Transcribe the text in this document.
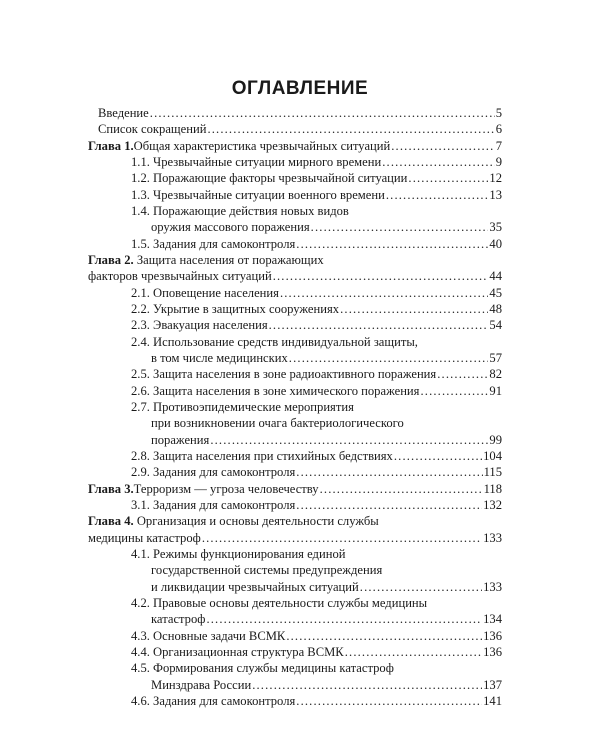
ОГЛАВЛЕНИЕ
Введение . . .	5
Список сокращений . . .	6
Глава 1. Общая характеристика чрезвычайных ситуаций . . .	7
1.1. Чрезвычайные ситуации мирного времени . . .	9
1.2. Поражающие факторы чрезвычайной ситуации . . .	12
1.3. Чрезвычайные ситуации военного времени . . .	13
1.4. Поражающие действия новых видов
оружия массового поражения . . .	35
1.5. Задания для самоконтроля . . .	40
Глава 2. Защита населения от поражающих
факторов чрезвычайных ситуаций . . .	44
2.1. Оповещение населения . . .	45
2.2. Укрытие в защитных сооружениях . . .	48
2.3. Эвакуация населения . . .	54
2.4. Использование средств индивидуальной защиты,
в том числе медицинских . . .	57
2.5. Защита населения в зоне радиоактивного поражения . . .	82
2.6. Защита населения в зоне химического поражения . . .	91
2.7. Противоэпидемические мероприятия
при возникновении очага бактериологического
поражения . . .	99
2.8. Защита населения при стихийных бедствиях . . .	104
2.9. Задания для самоконтроля . . .	115
Глава 3. Терроризм — угроза человечеству . . .	118
3.1. Задания для самоконтроля . . .	132
Глава 4. Организация и основы деятельности службы
медицины катастроф . . .	133
4.1. Режимы функционирования единой
государственной системы предупреждения
и ликвидации чрезвычайных ситуаций . . .	133
4.2. Правовые основы деятельности службы медицины
катастроф . . .	134
4.3. Основные задачи ВСМК . . .	136
4.4. Организационная структура ВСМК . . .	136
4.5. Формирования службы медицины катастроф
Минздрава России . . .	137
4.6. Задания для самоконтроля . . .	141
